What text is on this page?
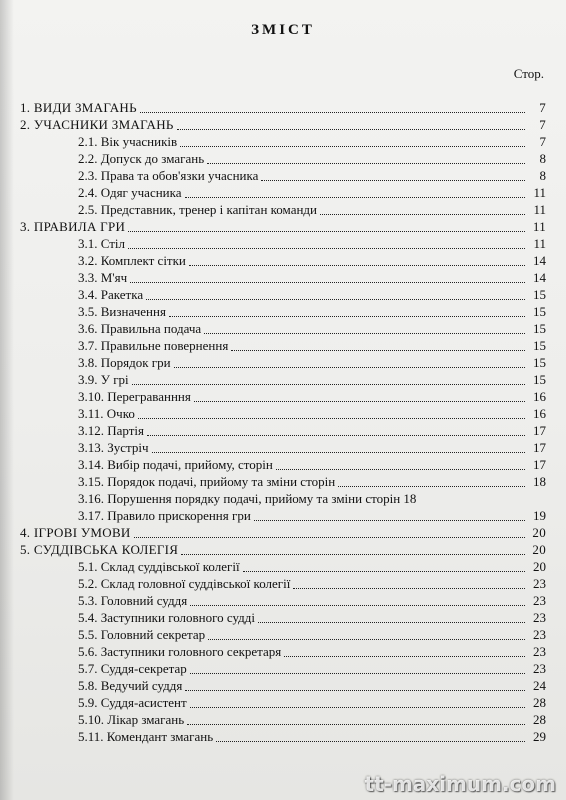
ЗМІСТ
Стор.
1. ВИДИ ЗМАГАНЬ	7
2. УЧАСНИКИ ЗМАГАНЬ	7
2.1. Вік учасників	7
2.2. Допуск до змагань	8
2.3. Права та обов'язки учасника	8
2.4. Одяг учасника	11
2.5. Представник, тренер і капітан команди	11
3. ПРАВИЛА ГРИ	11
3.1. Стіл	11
3.2. Комплект сітки	14
3.3. М'яч	14
3.4. Ракетка	15
3.5. Визначення	15
3.6. Правильна подача	15
3.7. Правильне повернення	15
3.8. Порядок гри	15
3.9. У грі	15
3.10. Переграванння	16
3.11. Очко	16
3.12. Партія	17
3.13. Зустріч	17
3.14. Вибір подачі, прийому, сторін	17
3.15. Порядок подачі, прийому та зміни сторін	18
3.16. Порушення порядку подачі, прийому та зміни сторін 18
3.17. Правило прискорення гри	19
4. ІГРОВІ УМОВИ	20
5. СУДДІВСЬКА КОЛЕГІЯ	20
5.1. Склад суддівської колегії	20
5.2. Склад головної суддівської колегії	23
5.3. Головний суддя	23
5.4. Заступники головного судді	23
5.5. Головний секретар	23
5.6. Заступники головного секретаря	23
5.7. Суддя-секретар	23
5.8. Ведучий суддя	24
5.9. Суддя-асистент	28
5.10. Лікар змагань	28
5.11. Комендант змагань	29
tt-maximum.com
